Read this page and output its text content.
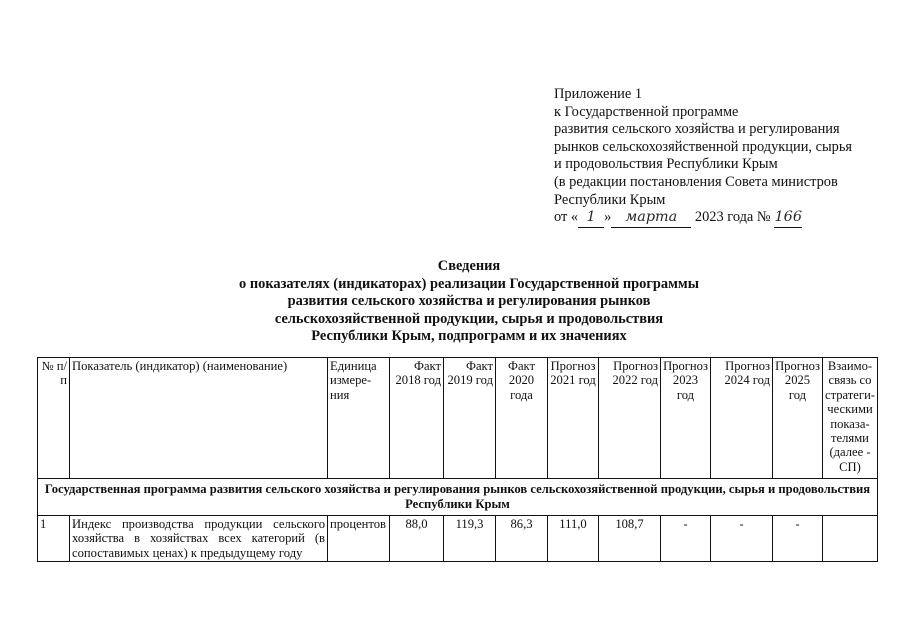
Приложение 1
к Государственной программе
развития сельского хозяйства и регулирования
рынков сельскохозяйственной продукции, сырья
и продовольствия Республики Крым
(в редакции постановления Совета министров
Республики Крым
от « 1 » марта 2023 года № 166
Сведения
о показателях (индикаторах) реализации Государственной программы
развития сельского хозяйства и регулирования рынков
сельскохозяйственной продукции, сырья и продовольствия
Республики Крым, подпрограмм и их значениях
№ п/п	Показатель (индикатор) (наименование)	Единица измере-ния	Факт 2018 год	Факт 2019 год	Факт 2020 года	Прогноз 2021 год	Прогноз 2022 год	Прогноз 2023 год	Прогноз 2024 год	Прогноз 2025 год	Взаимо-связь со стратеги-ческими показа-телями (далее - СП)
Государственная программа развития сельского хозяйства и регулирования рынков сельскохозяйственной продукции, сырья и продовольствия Республики Крым											
1	Индекс производства продукции сельского хозяйства в хозяйствах всех категорий (в сопоставимых ценах) к предыдущему году	процентов	88,0	119,3	86,3	111,0	108,7	-	-	-	
